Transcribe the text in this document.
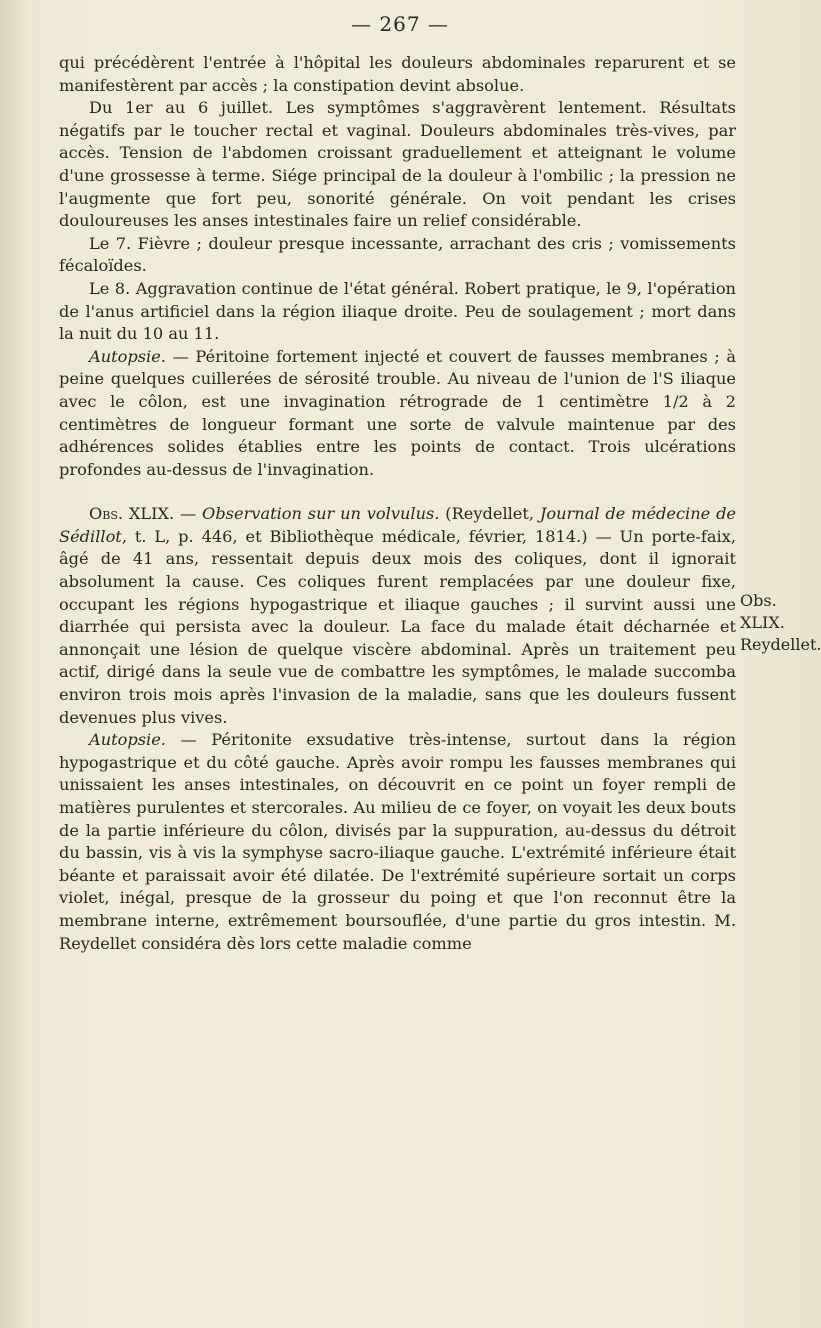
— 267 —

qui précédèrent l'entrée à l'hôpital les douleurs abdominales reparurent et se manifestèrent par accès ; la constipation devint absolue.

Du 1er au 6 juillet. Les symptômes s'aggravèrent lentement. Résultats négatifs par le toucher rectal et vaginal. Douleurs abdominales très-vives, par accès. Tension de l'abdomen croissant graduellement et atteignant le volume d'une grossesse à terme. Siége principal de la douleur à l'ombilic ; la pression ne l'augmente que fort peu, sonorité générale. On voit pendant les crises douloureuses les anses intestinales faire un relief considérable.

Le 7. Fièvre ; douleur presque incessante, arrachant des cris ; vomissements fécaloïdes.

Le 8. Aggravation continue de l'état général. Robert pratique, le 9, l'opération de l'anus artificiel dans la région iliaque droite. Peu de soulagement ; mort dans la nuit du 10 au 11.

Autopsie. — Péritoine fortement injecté et couvert de fausses membranes ; à peine quelques cuillerées de sérosité trouble. Au niveau de l'union de l'S iliaque avec le côlon, est une invagination rétrograde de 1 centimètre 1/2 à 2 centimètres de longueur formant une sorte de valvule maintenue par des adhérences solides établies entre les points de contact. Trois ulcérations profondes au-dessus de l'invagination.

Obs. XLIX. — Observation sur un volvulus. (Reydellet, Journal de médecine de Sédillot, t. L, p. 446, et Bibliothèque médicale, février, 1814.) — Un porte-faix, âgé de 41 ans, ressentait depuis deux mois des coliques, dont il ignorait absolument la cause. Ces coliques furent remplacées par une douleur fixe, occupant les régions hypogastrique et iliaque gauches ; il survint aussi une diarrhée qui persista avec la douleur. La face du malade était décharnée et annonçait une lésion de quelque viscère abdominal. Après un traitement peu actif, dirigé dans la seule vue de combattre les symptômes, le malade succomba environ trois mois après l'invasion de la maladie, sans que les douleurs fussent devenues plus vives.

Autopsie. — Péritonite exsudative très-intense, surtout dans la région hypogastrique et du côté gauche. Après avoir rompu les fausses membranes qui unissaient les anses intestinales, on découvrit en ce point un foyer rempli de matières purulentes et stercorales. Au milieu de ce foyer, on voyait les deux bouts de la partie inférieure du côlon, divisés par la suppuration, au-dessus du détroit du bassin, vis à vis la symphyse sacro-iliaque gauche. L'extrémité inférieure était béante et paraissait avoir été dilatée. De l'extrémité supérieure sortait un corps violet, inégal, presque de la grosseur du poing et que l'on reconnut être la membrane interne, extrêmement boursouflée, d'une partie du gros intestin. M. Reydellet considéra dès lors cette maladie comme

Obs. XLIX.
Reydellet.
